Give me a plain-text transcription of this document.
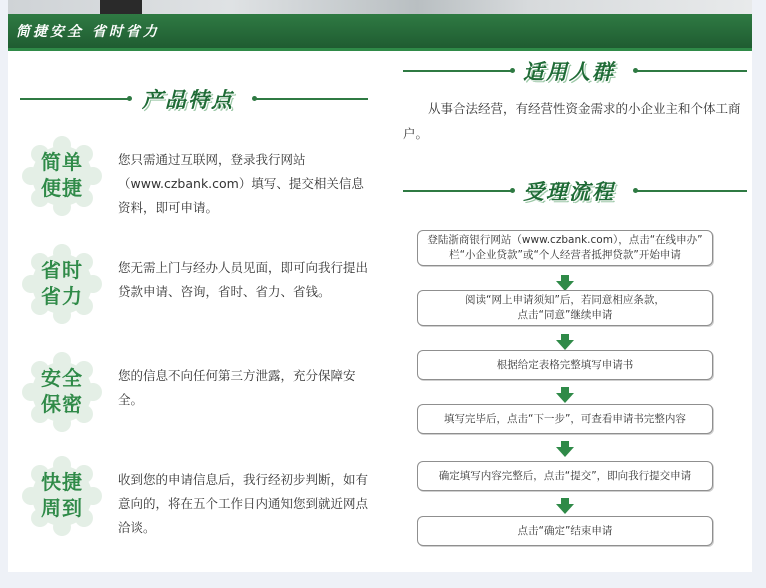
简捷安全 省时省力
产品特点
简单
便捷
您只需通过互联网，登录我行网站（www.czbank.com）填写、提交相关信息资料，即可申请。
省时
省力
您无需上门与经办人员见面，即可向我行提出贷款申请、咨询，省时、省力、省钱。
安全
保密
您的信息不向任何第三方泄露，充分保障安全。
快捷
周到
收到您的申请信息后，我行经初步判断，如有意向的，将在五个工作日内通知您到就近网点洽谈。
适用人群
从事合法经营，有经营性资金需求的小企业主和个体工商户。
受理流程
登陆浙商银行网站（www.czbank.com），点击“在线申办”
栏“小企业贷款”或“个人经营者抵押贷款”开始申请
阅读“网上申请须知”后，若同意相应条款，
点击“同意”继续申请
根据给定表格完整填写申请书
填写完毕后，点击“下一步”，可查看申请书完整内容
确定填写内容完整后，点击“提交”，即向我行提交申请
点击“确定”结束申请
